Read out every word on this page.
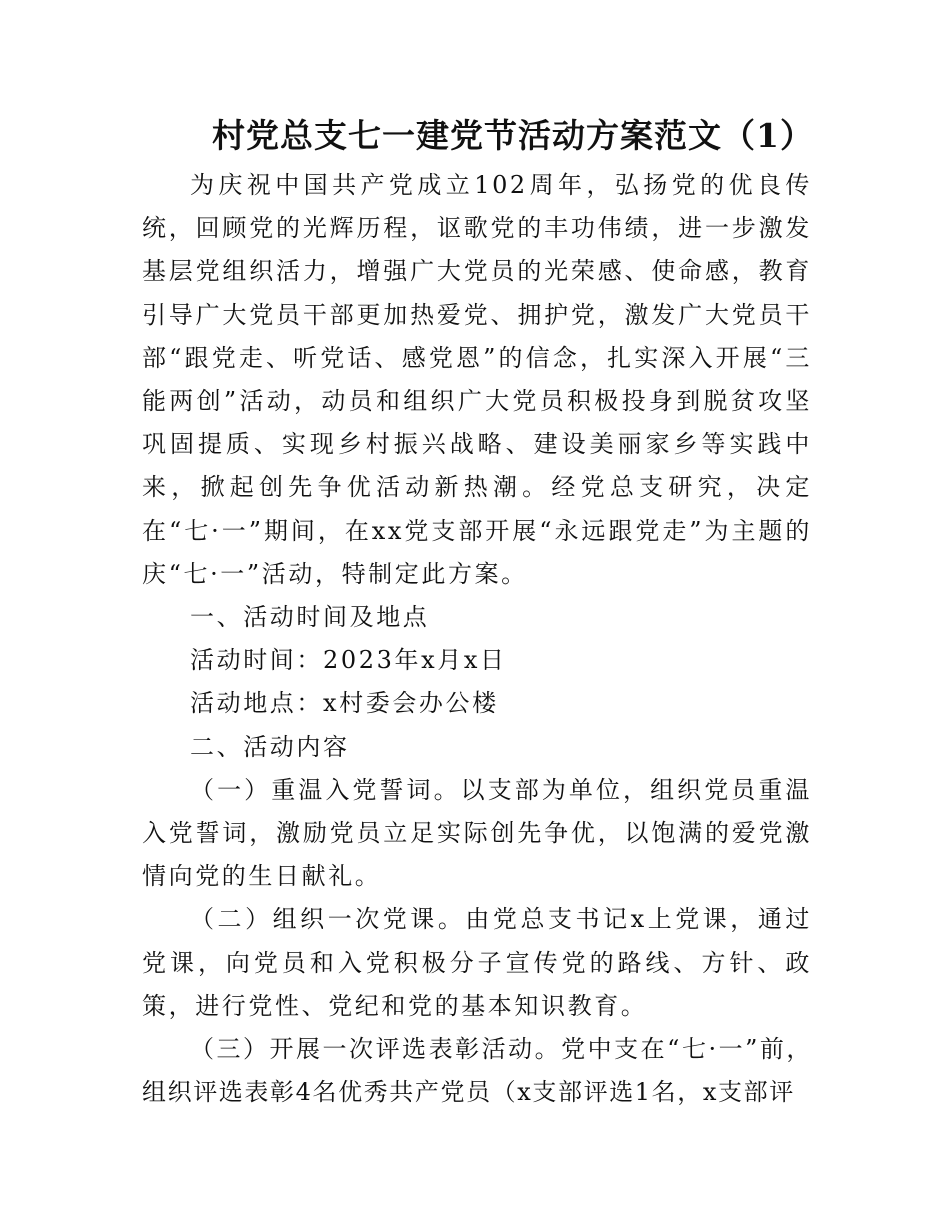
村党总支七一建党节活动方案范文（1）

为庆祝中国共产党成立102周年，弘扬党的优良传统，回顾党的光辉历程，讴歌党的丰功伟绩，进一步激发基层党组织活力，增强广大党员的光荣感、使命感，教育引导广大党员干部更加热爱党、拥护党，激发广大党员干部“跟党走、听党话、感党恩”的信念，扎实深入开展“三能两创”活动，动员和组织广大党员积极投身到脱贫攻坚巩固提质、实现乡村振兴战略、建设美丽家乡等实践中来，掀起创先争优活动新热潮。经党总支研究，决定在“七·一”期间，在xx党支部开展“永远跟党走”为主题的庆“七·一”活动，特制定此方案。

一、活动时间及地点

活动时间：2023年x月x日

活动地点：x村委会办公楼

二、活动内容

（一）重温入党誓词。以支部为单位，组织党员重温入党誓词，激励党员立足实际创先争优，以饱满的爱党激情向党的生日献礼。

（二）组织一次党课。由党总支书记x上党课，通过党课，向党员和入党积极分子宣传党的路线、方针、政策，进行党性、党纪和党的基本知识教育。

（三）开展一次评选表彰活动。党中支在“七·一”前，组织评选表彰4名优秀共产党员（x支部评选1名，x支部评
